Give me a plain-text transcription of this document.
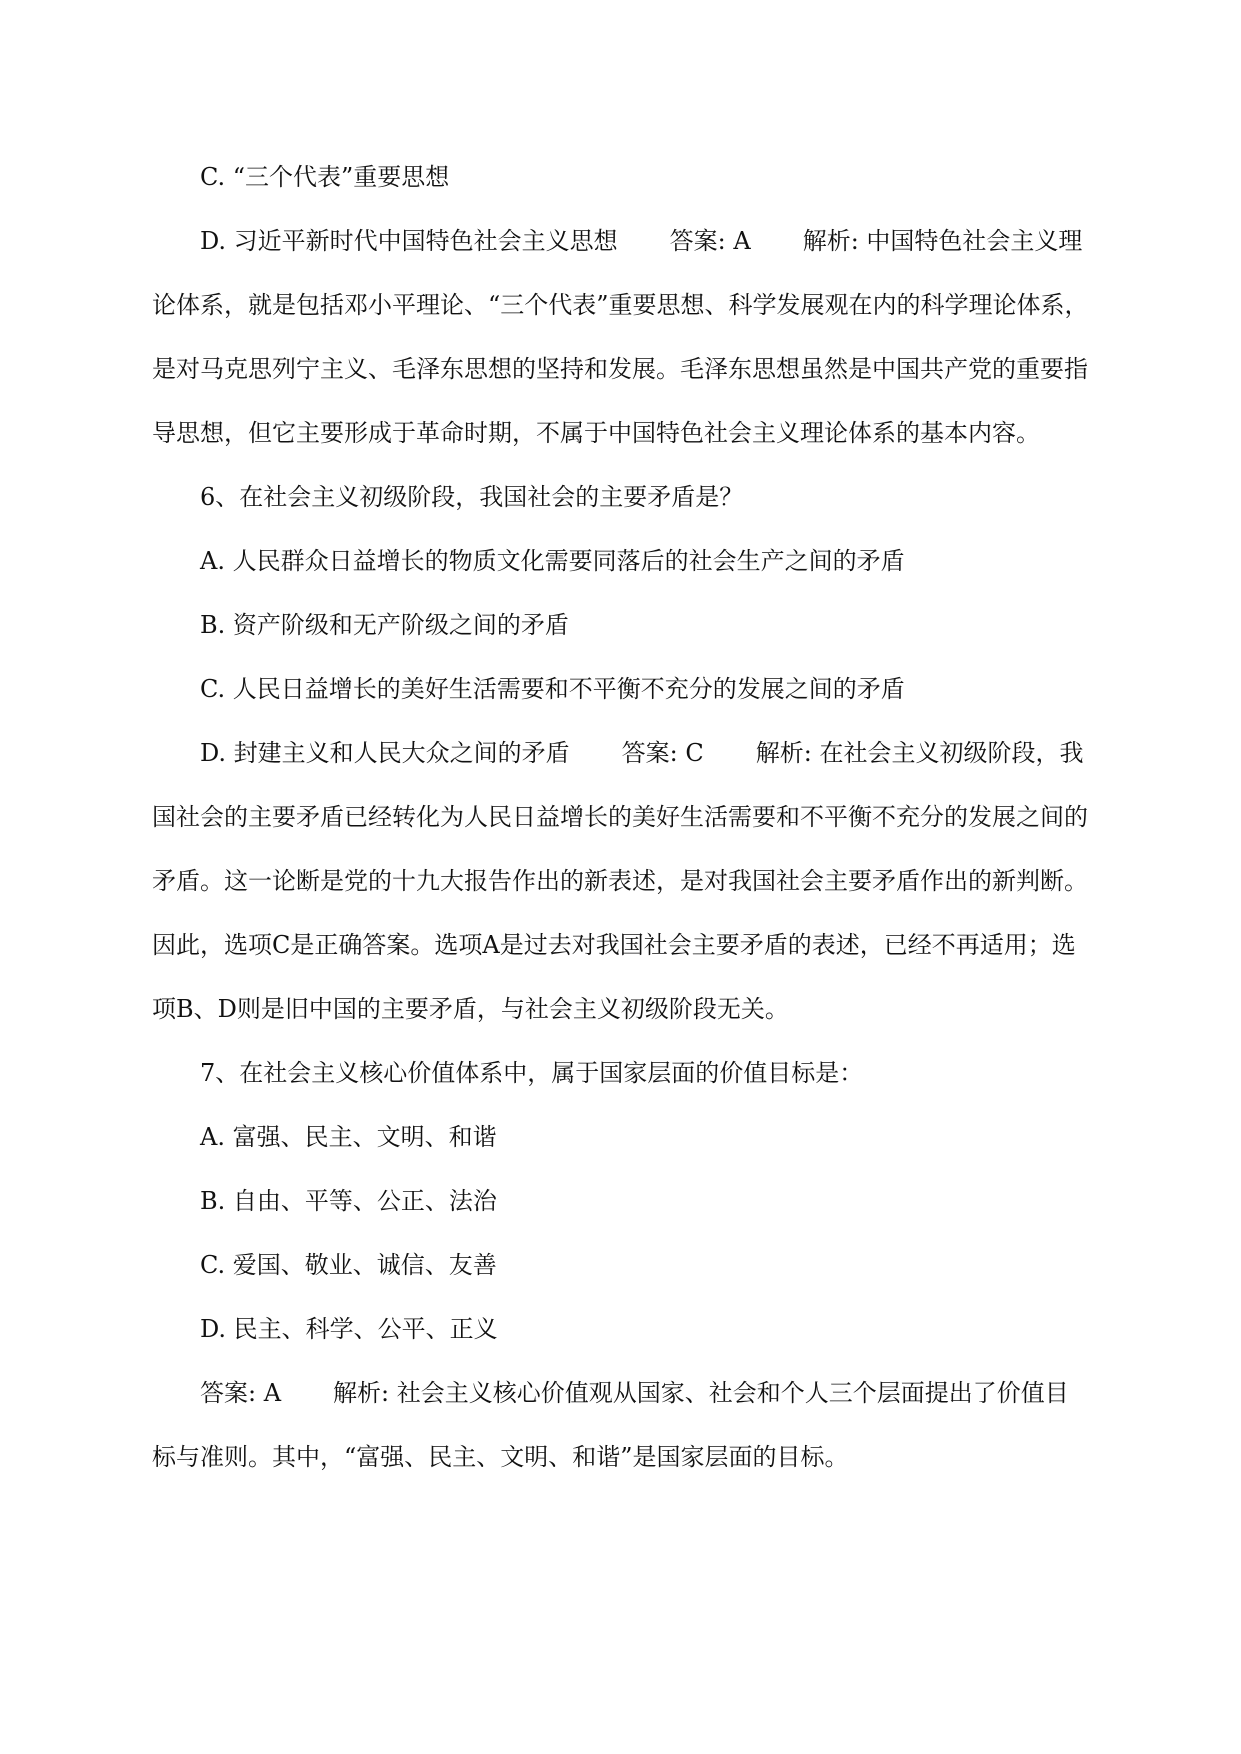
C. “三个代表”重要思想

D. 习近平新时代中国特色社会主义思想 答案: A 解析: 中国特色社会主义理论体系，就是包括邓小平理论、“三个代表”重要思想、科学发展观在内的科学理论体系，是对马克思列宁主义、毛泽东思想的坚持和发展。毛泽东思想虽然是中国共产党的重要指导思想，但它主要形成于革命时期，不属于中国特色社会主义理论体系的基本内容。

6、在社会主义初级阶段，我国社会的主要矛盾是？

A. 人民群众日益增长的物质文化需要同落后的社会生产之间的矛盾

B. 资产阶级和无产阶级之间的矛盾

C. 人民日益增长的美好生活需要和不平衡不充分的发展之间的矛盾

D. 封建主义和人民大众之间的矛盾 答案: C 解析: 在社会主义初级阶段，我国社会的主要矛盾已经转化为人民日益增长的美好生活需要和不平衡不充分的发展之间的矛盾。这一论断是党的十九大报告作出的新表述，是对我国社会主要矛盾作出的新判断。因此，选项C是正确答案。选项A是过去对我国社会主要矛盾的表述，已经不再适用；选项B、D则是旧中国的主要矛盾，与社会主义初级阶段无关。

7、在社会主义核心价值体系中，属于国家层面的价值目标是：

A. 富强、民主、文明、和谐

B. 自由、平等、公正、法治

C. 爱国、敬业、诚信、友善

D. 民主、科学、公平、正义

答案: A 解析: 社会主义核心价值观从国家、社会和个人三个层面提出了价值目标与准则。其中，“富强、民主、文明、和谐”是国家层面的目标。
